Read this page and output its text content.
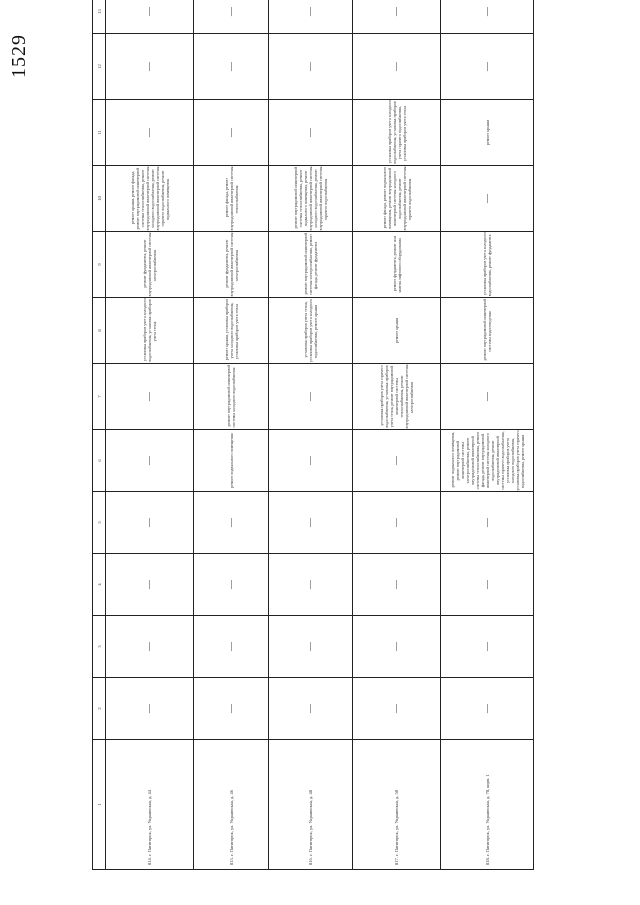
1529
1	2	3	4	5	6	7	8	9	10	11	12	13
814. г. Пятигорск, ул. Украинская, д. 44	—	—	—	—	—	—	установка приборов учета холодного водоснабжения, установка приборов учета тепла	ремонт фундамента, ремонт внутридомовой инженерной системы электроснабжения	ремонт крыши, ремонт фасада, ремонт внутридомовой инженерной системы теплоснабжения, ремонт внутридомовой инженерной системы холодного водоснабжения, ремонт внутридомовой инженерной системы горячего водоснабжения, ремонт подвального помещения	—	—	—
815. г. Пятигорск, ул. Украинская, д. 46	—	—	—	—	ремонт подвального помещения	ремонт внутридомовой инженерной системы холодного водоснабжения	ремонт крыши, установка приборов учета холодного водоснабжения, установка приборов учета тепла	ремонт фундамента, ремонт внутридомовой инженерной системы электроснабжения	ремонт фасада, ремонт внутридомовой инженерной системы теплоснабжения	—	—	—
816. г. Пятигорск, ул. Украинская, д. 48	—	—	—	—	—	—	установка приборов учета тепла, установка приборов учета холодного водоснабжения, ремонт крыши	ремонт внутридомовой инженерной системы электроснабжения, ремонт фасада, ремонт фундамента	ремонт внутридомовой инженерной системы теплоснабжения, ремонт подвального помещения, ремонт внутридомовой инженерной системы холодного водоснабжения, ремонт внутридомовой инженерной системы горячего водоснабжения	—	—	—
817. г. Пятигорск, ул. Украинская, д. 50	—	—	—	—	—	установка приборов учета горячего водоснабжения, установка приборов учета тепла, ремонт внутридомовой инженерной системы теплоснабжения, ремонт внутридомовой инженерной системы электроснабжения	ремонт крыши	ремонт фундамента, ремонт или замена лифтового оборудования	ремонт фасада, ремонт подвального помещения, ремонт внутридомовой инженерной системы холодного водоснабжения, ремонт внутридомовой инженерной системы горячего водоснабжения	установка приборов учета холодного водоснабжения, установка приборов учета горячего водоснабжения, установка приборов учета тепла	—	—
818. г. Пятигорск, ул. Украинская, д. 70, корп. 1	—	—	—	—	ремонт подвального помещения, ремонт внутридомовой инженерной системы электроснабжения, ремонт внутридомовой инженерной системы теплоснабжения, ремонт фасада, ремонт внутридомовой инженерной системы холодного водоснабжения, ремонт внутридомовой инженерной системы горячего водоснабжения, установка приборов учета холодного водоснабжения, установка приборов учета горячего водоснабжения, ремонт крыши	—	ремонт внутридомовой инженерной системы водоотведения	установка приборов учета холодного водоснабжения, ремонт фундамента	—	ремонт крыши	—	—
